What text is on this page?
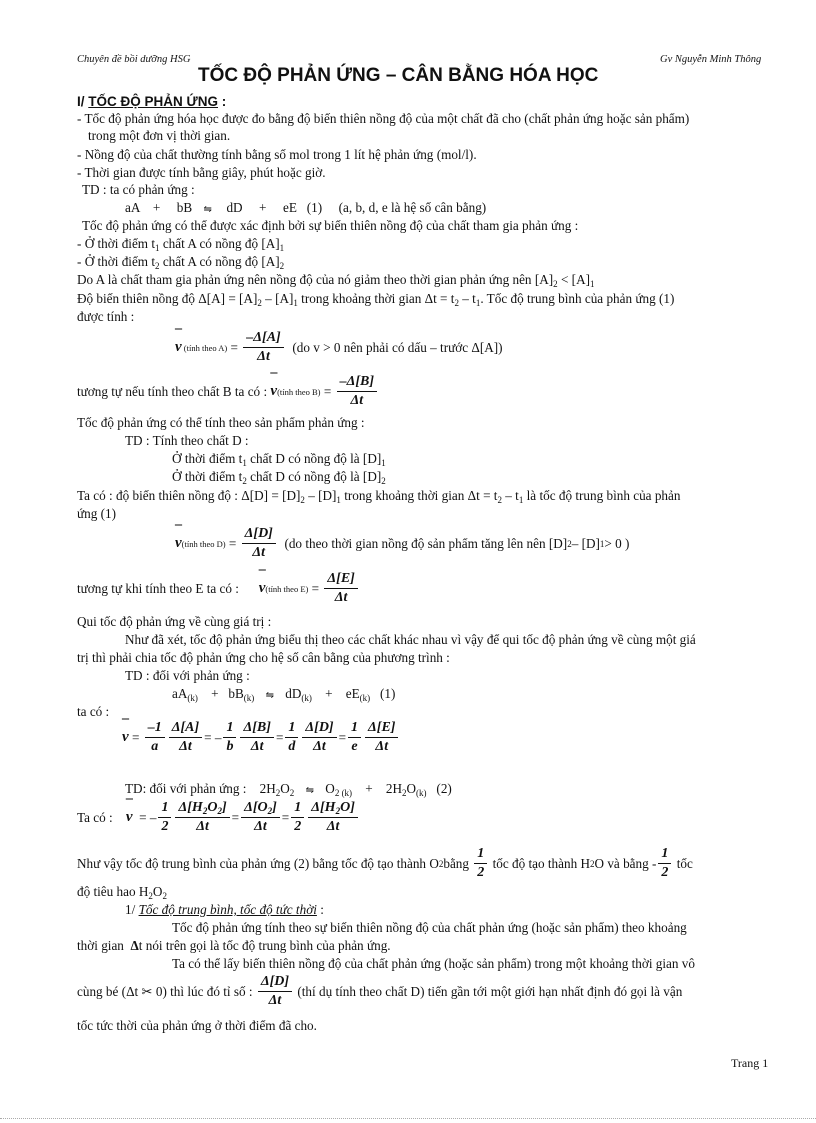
Chuyên đề bồi dưỡng HSG	Gv Nguyễn Minh Thông
TỐC ĐỘ PHẢN ỨNG – CÂN BẰNG HÓA HỌC
I/ TỐC ĐỘ PHẢN ỨNG :
- Tốc độ phản ứng hóa học được đo bằng độ biến thiên nồng độ của một chất đã cho (chất phản ứng hoặc sản phẩm)
trong một đơn vị thời gian.
- Nồng độ của chất thường tính bằng số mol trong 1 lít hệ phản ứng (mol/l).
- Thời gian được tính bằng giây, phút hoặc giờ.
TD : ta có phản ứng :
aA    +     bB ⇋  dD     +     eE   (1)     (a, b, d, e là hệ số cân bằng)
Tốc độ phản ứng có thể được xác định bởi sự biến thiên nồng độ của chất tham gia phản ứng :
- Ở thời điểm $t_1$ chất A có nồng độ $[A]_1$
- Ở thời điểm $t_2$ chất A có nồng độ $[A]_2$
Do A là chất tham gia phản ứng nên nồng độ của nó giảm theo thời gian phản ứng nên $[A]_2 < [A]_1$
Độ biến thiên nồng độ $\Delta[A] = [A]_2 - [A]_1$ trong khoảng thời gian $\Delta t = t_2 - t_1$. Tốc độ trung bình của phản ứng (1)
được tính :
¯ v (tính theo $A) = \frac{-\Delta[A]}{\Delta t}$
(do v > 0 nên phải có dấu – trước Δ[A])
tương tự nếu tính theo chất B ta có :
¯ v (tính theo $B) = \frac{-\Delta[B]}{\Delta t}$
Tốc độ phản ứng có thể tính theo sản phẩm phản ứng :
TD : Tính theo chất D :
Ở thời điểm $t_1$ chất D có nồng độ là $[D]_1$
Ở thời điểm $t_2$ chất D có nồng độ là $[D]_2$
Ta có : độ biến thiên nồng độ : $\Delta[D] = [D]_2 - [D]_1$ trong khoảng thời gian $\Delta t = t_2 - t_1$ là tốc độ trung bình của phản
ứng (1)
¯ v (tính theo $D) = \frac{\Delta[D]}{\Delta t} (do$ theo thời gian nồng độ sản phẩm tăng lên nên [D] 2 – [D] 1 > 0 )
tương tự khi tính theo E ta có :
¯ v (tính theo $E) = \frac{\Delta[E]}{\Delta t}$
Qui tốc độ phản ứng về cùng giá trị :
Như đã xét, tốc độ phản ứng biểu thị theo các chất khác nhau vì vậy để qui tốc độ phản ứng về cùng một giá
trị thì phải chia tốc độ phản ứng cho hệ số cân bằng của phương trình :
TD : đối với phản ứng :
$aA_{(k)}$    +   $bB_{(k)}$ ⇋ $dD_{(k)}$    +    $eE_{(k)}$   (1)
ta có :
¯ $v = \frac{-1}{a} \frac{\Delta[A]}{\Delta t}$ = – $\frac{1}{b} \frac{\Delta[B]}{\Delta t} = \frac{1}{d} \frac{\Delta[D]}{\Delta t} = \frac{1}{e} \frac{\Delta[E]}{\Delta t}$
TD: đối với phản ứng :    $2H_2O_2$ ⇋ $O_{2 (k)}$    +    $2H_2O_{(k)}$   (2)
Ta có :
¯ v = – $\frac{1}{2} \frac{\Delta[H_2O_2]}{\Delta t} = \frac{\Delta[O_2]}{\Delta t} = \frac{1}{2} \frac{\Delta[H_2O]}{\Delta t}$
Như vậy tốc độ trung bình của phản ứng (2) bằng tốc độ tạo thành O 2 bằng $\frac{1}{2}$ tốc độ tạo thành H 2 O và bằng - $\frac{1}{2}$ tốc
độ tiêu hao $H_2O_2$
1/ Tốc độ trung bình, tốc độ tức thời :
Tốc độ phản ứng tính theo sự biến thiên nồng độ của chất phản ứng (hoặc sản phẩm) theo khoảng
thời gian Δt nói trên gọi là tốc độ trung bình của phản ứng.
Ta có thể lấy biến thiên nồng độ của chất phản ứng (hoặc sản phẩm) trong một khoảng thời gian vô
cùng bé (Δt ✂ 0) thì lúc đó tỉ số : $\frac{\Delta[D]}{\Delta t}$
(thí dụ tính theo chất D) tiến gần tới một giới hạn nhất định đó gọi là vận
tốc tức thời của phản ứng ở thời điểm đã cho.
Trang 1
